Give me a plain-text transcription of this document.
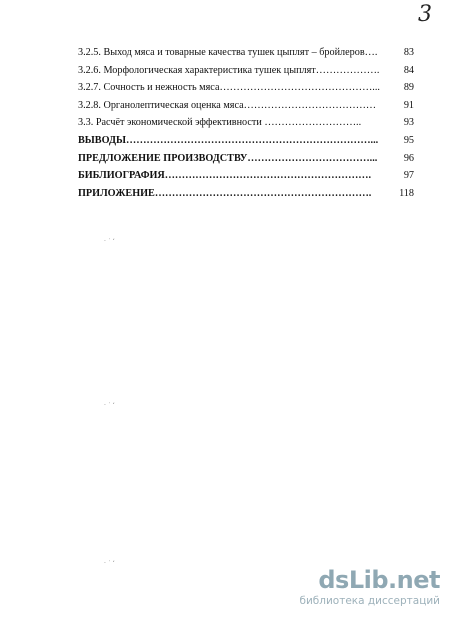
3
3.2.5. Выход мяса и товарные качества тушек цыплят – бройлеров….	83
3.2.6. Морфологическая характеристика тушек цыплят………………. 84
3.2.7. Сочность и нежность мяса………………………………………... 89
3.2.8. Органолептическая оценка мяса…………………………………	91
3.3. Расчёт экономической эффективности ………………………..	93
ВЫВОДЫ………………………………………………………………...	95
ПРЕДЛОЖЕНИЕ ПРОИЗВОДСТВУ………………………………...	96
БИБЛИОГРАФИЯ…………………………………………………….	97
ПРИЛОЖЕНИЕ……………………………………………………….	118
·˙‘
·˙‘
·˙‘
dsLib.net
библиотека диссертаций
